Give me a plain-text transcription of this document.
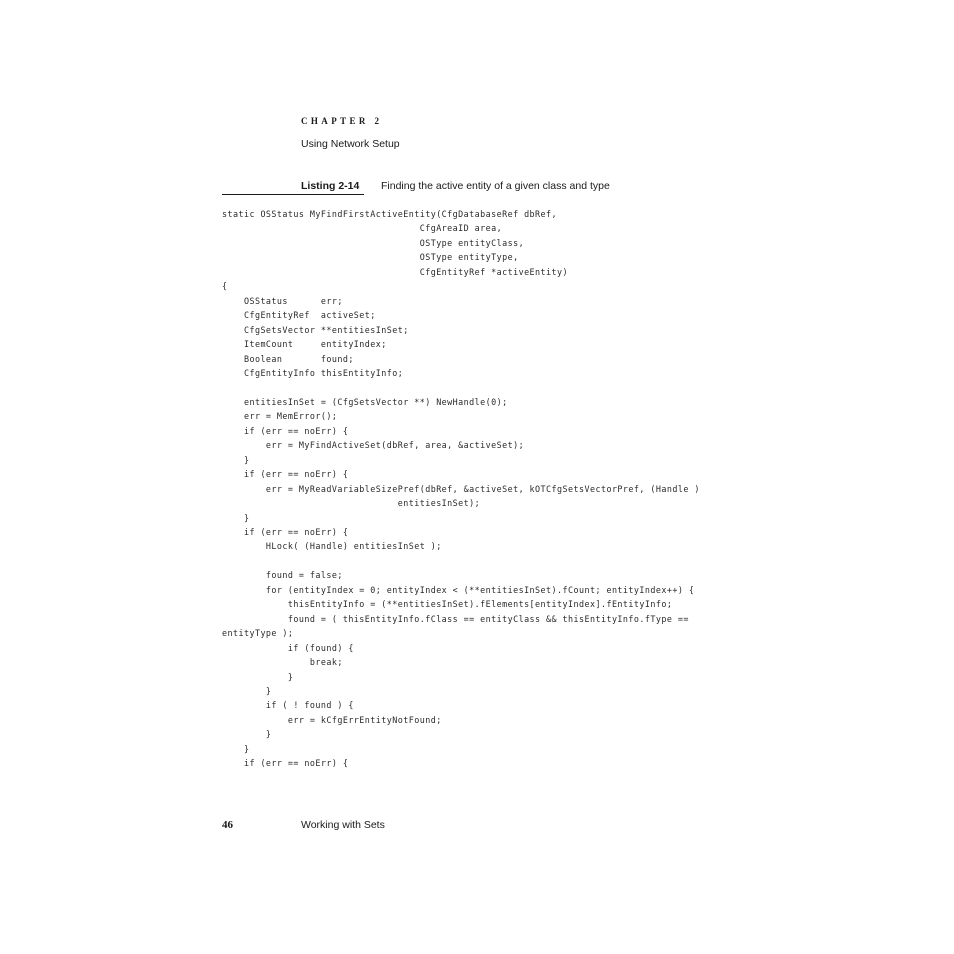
CHAPTER 2
Using Network Setup
Listing 2-14 Finding the active entity of a given class and type
static OSStatus MyFindFirstActiveEntity(CfgDatabaseRef dbRef,
CfgAreaID area,
OSType entityClass,
OSType entityType,
CfgEntityRef *activeEntity)
{
OSStatus      err;
CfgEntityRef  activeSet;
CfgSetsVector **entitiesInSet;
ItemCount     entityIndex;
Boolean       found;
CfgEntityInfo thisEntityInfo;

entitiesInSet = (CfgSetsVector **) NewHandle(0);
err = MemError();
if (err == noErr) {
err = MyFindActiveSet(dbRef, area, &activeSet);
}
if (err == noErr) {
err = MyReadVariableSizePref(dbRef, &activeSet, kOTCfgSetsVectorPref, (Handle )
entitiesInSet);
}
if (err == noErr) {
HLock( (Handle) entitiesInSet );

found = false;
for (entityIndex = 0; entityIndex < (**entitiesInSet).fCount; entityIndex++) {
thisEntityInfo = (**entitiesInSet).fElements[entityIndex].fEntityInfo;
found = ( thisEntityInfo.fClass == entityClass && thisEntityInfo.fType ==
entityType );
if (found) {
break;
}
}
if ( ! found ) {
err = kCfgErrEntityNotFound;
}
}
if (err == noErr) {
46	Working with Sets
